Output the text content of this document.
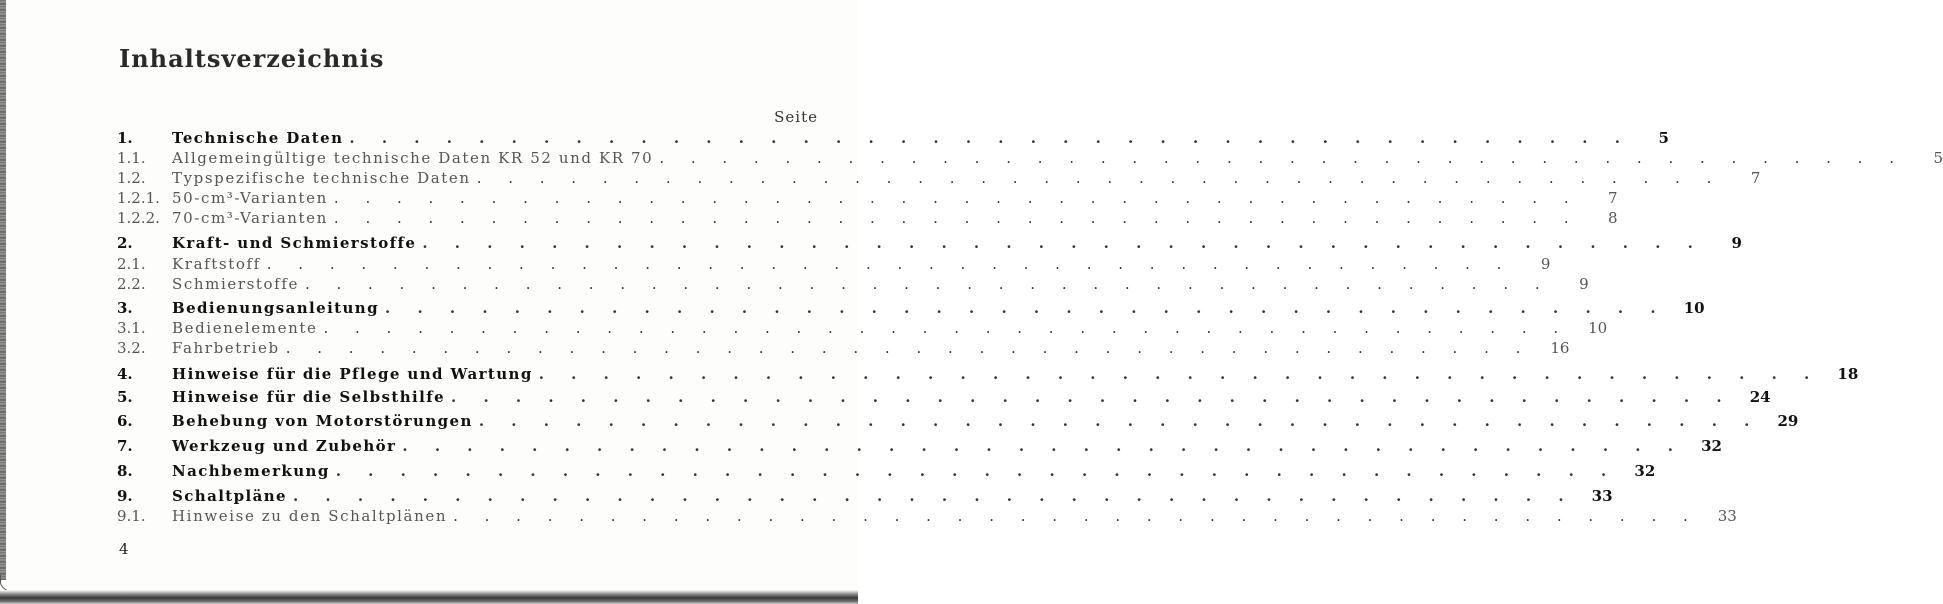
Inhaltsverzeichnis
Seite
1.	Technische Daten . . . . . . . . . . . . . . . . . . . . . . . . . . . . . . . . . . . . . . . .	5
1.1.	Allgemeingültige technische Daten KR 52 und KR 70 . . . . . . . . . . . . . . . . . . . . . . . . . . . . . . . . . . . . . . . .	5
1.2.	Typspezifische technische Daten . . . . . . . . . . . . . . . . . . . . . . . . . . . . . . . . . . . . . . . .	7
1.2.1. 50-cm³-Varianten . . . . . . . . . . . . . . . . . . . . . . . . . . . . . . . . . . . . . . . .	7
1.2.2. 70-cm³-Varianten . . . . . . . . . . . . . . . . . . . . . . . . . . . . . . . . . . . . . . . .	8
2.	Kraft- und Schmierstoffe . . . . . . . . . . . . . . . . . . . . . . . . . . . . . . . . . . . . . . . .	9
2.1.	Kraftstoff . . . . . . . . . . . . . . . . . . . . . . . . . . . . . . . . . . . . . . . .	9
2.2.	Schmierstoffe . . . . . . . . . . . . . . . . . . . . . . . . . . . . . . . . . . . . . . . .	9
3.	Bedienungsanleitung . . . . . . . . . . . . . . . . . . . . . . . . . . . . . . . . . . . . . . . .	10
3.1.	Bedienelemente . . . . . . . . . . . . . . . . . . . . . . . . . . . . . . . . . . . . . . . .	10
3.2.	Fahrbetrieb . . . . . . . . . . . . . . . . . . . . . . . . . . . . . . . . . . . . . . . .	16
4.	Hinweise für die Pflege und Wartung . . . . . . . . . . . . . . . . . . . . . . . . . . . . . . . . . . . . . . . .	18
5.	Hinweise für die Selbsthilfe . . . . . . . . . . . . . . . . . . . . . . . . . . . . . . . . . . . . . . . .	24
6.	Behebung von Motorstörungen . . . . . . . . . . . . . . . . . . . . . . . . . . . . . . . . . . . . . . . .	29
7.	Werkzeug und Zubehör . . . . . . . . . . . . . . . . . . . . . . . . . . . . . . . . . . . . . . . .	32
8.	Nachbemerkung . . . . . . . . . . . . . . . . . . . . . . . . . . . . . . . . . . . . . . . .	32
9.	Schaltpläne . . . . . . . . . . . . . . . . . . . . . . . . . . . . . . . . . . . . . . . .	33
9.1.	Hinweise zu den Schaltplänen . . . . . . . . . . . . . . . . . . . . . . . . . . . . . . . . . . . . . . . .	33
4
